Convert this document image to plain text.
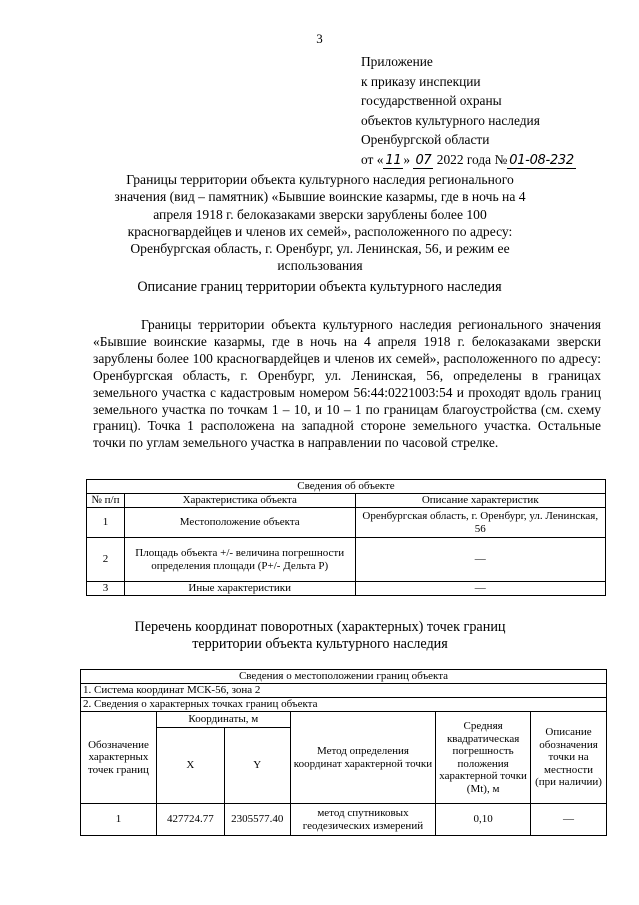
3
Приложение
к приказу инспекции
государственной охраны
объектов культурного наследия
Оренбургской области
от « 11 » 07 2022 года № 01-08-232
Границы территории объекта культурного наследия регионального значения (вид – памятник) «Бывшие воинские казармы, где в ночь на 4 апреля 1918 г. белоказаками зверски зарублены более 100 красногвардейцев и членов их семей», расположенного по адресу: Оренбургская область, г. Оренбург, ул. Ленинская, 56, и режим ее использования
Описание границ территории объекта культурного наследия
Границы территории объекта культурного наследия регионального значения «Бывшие воинские казармы, где в ночь на 4 апреля 1918 г. белоказаками зверски зарублены более 100 красногвардейцев и членов их семей», расположенного по адресу: Оренбургская область, г. Оренбург, ул. Ленинская, 56, определены в границах земельного участка с кадастровым номером 56:44:0221003:54 и проходят вдоль границ земельного участка по точкам 1 – 10, и 10 – 1 по границам благоустройства (см. схему границ). Точка 1 расположена на западной стороне земельного участка. Остальные точки по углам земельного участка в направлении по часовой стрелке.
Сведения об объекте		
№ п/п	Характеристика объекта	Описание характеристик
1	Местоположение объекта	Оренбургская область, г. Оренбург, ул. Ленинская, 56
2	Площадь объекта +/- величина погрешности определения площади (Р+/- Дельта Р)	—
3	Иные характеристики	—
Перечень координат поворотных (характерных) точек границ территории объекта культурного наследия
Сведения о местоположении границ объекта					
1. Система координат МСК-56, зона 2					
2. Сведения о характерных точках границ объекта					
Обозначение характерных точек границ	Координаты, м		Метод определения координат характерной точки	Средняя квадратическая погрешность положения характерной точки (Mt), м	Описание обозначения точки на местности (при наличии)
	X	Y			
1	427724.77	2305577.40	метод спутниковых геодезических измерений	0,10	—
